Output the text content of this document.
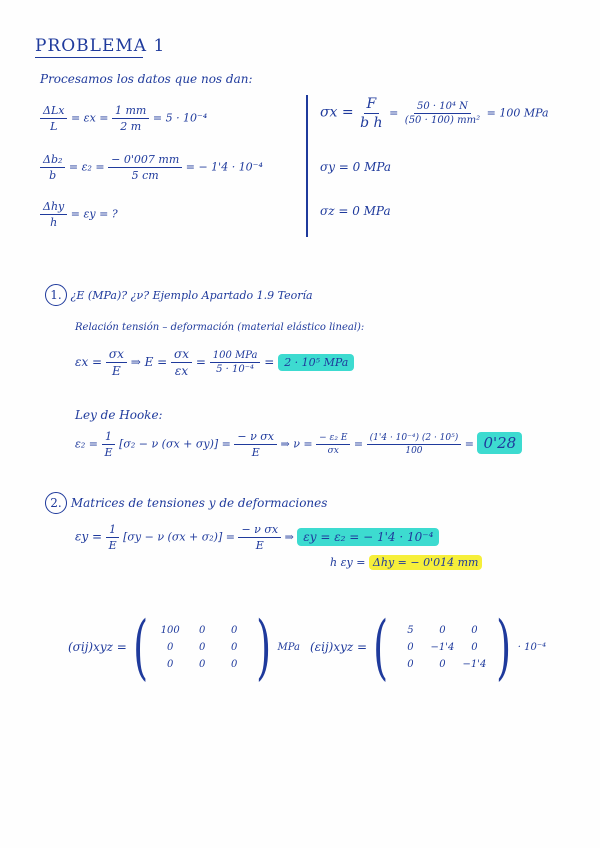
PROBLEMA 1
Procesamos los datos que nos dan:
$\frac{\text{ΔLx}}{L} = \varepsilon x = \frac{1 mm}{2 m} = 5 \cdot 10^{-4}$
$\frac{\text{Δb₂}}{b} = \varepsilon_2 = \frac{- 0'007 mm}{5 cm}$ = − 1'4 · 10⁻⁴
$\frac{\text{Δhy}}{h} = \varepsilon y$ = ?
$\sigma x = \frac{F}{\text{b h}} = \frac{\text{50 · 10⁴ N}}{\text{(50 · 100) mm²}} = 100$ MPa
σy = 0 MPa
σz = 0 MPa
1. ¿E (MPa)? ¿ν? Ejemplo Apartado 1.9 Teoría
Relación tensión – deformación (material elástico lineal):
$\varepsilon x = \frac{\sigma x}{E}$ ⇒ $E = \frac{\sigma x}{\varepsilon x} = \frac{\text{100 MPa}}{\text{5 · 10⁻⁴}} = 2 \cdot 10^5$ MPa
Ley de Hooke:
$\varepsilon_2 = \frac{1}{E} [\sigma_2 - \nu$ $(\sigma x + \sigma y)] = \frac{\text{− ν σx}}{E}$ ⇒ $\nu = \frac{\text{− ε₂ E}}{\sigma x} = \frac{\text{(1'4 · 10⁻⁴) (2 · 10⁵)}}{100} = 0'28$
2. Matrices de tensiones y de deformaciones
$\varepsilon y = \frac{1}{E} [\sigma y - \nu$ $(\sigma x + \sigma_2)] = \frac{\text{− ν σx}}{E}$ ⇒ εy = ε₂ = − 1'4 · 10⁻⁴
h εy = Δhy = − 0'014 mm
(σij)xyz = (	100	0	0
0	0	0
0	0	0 ) MPa (εij)xyz = (	5	0	0
0	−1'4	0
0	0	−1'4 ) · 10⁻⁴
